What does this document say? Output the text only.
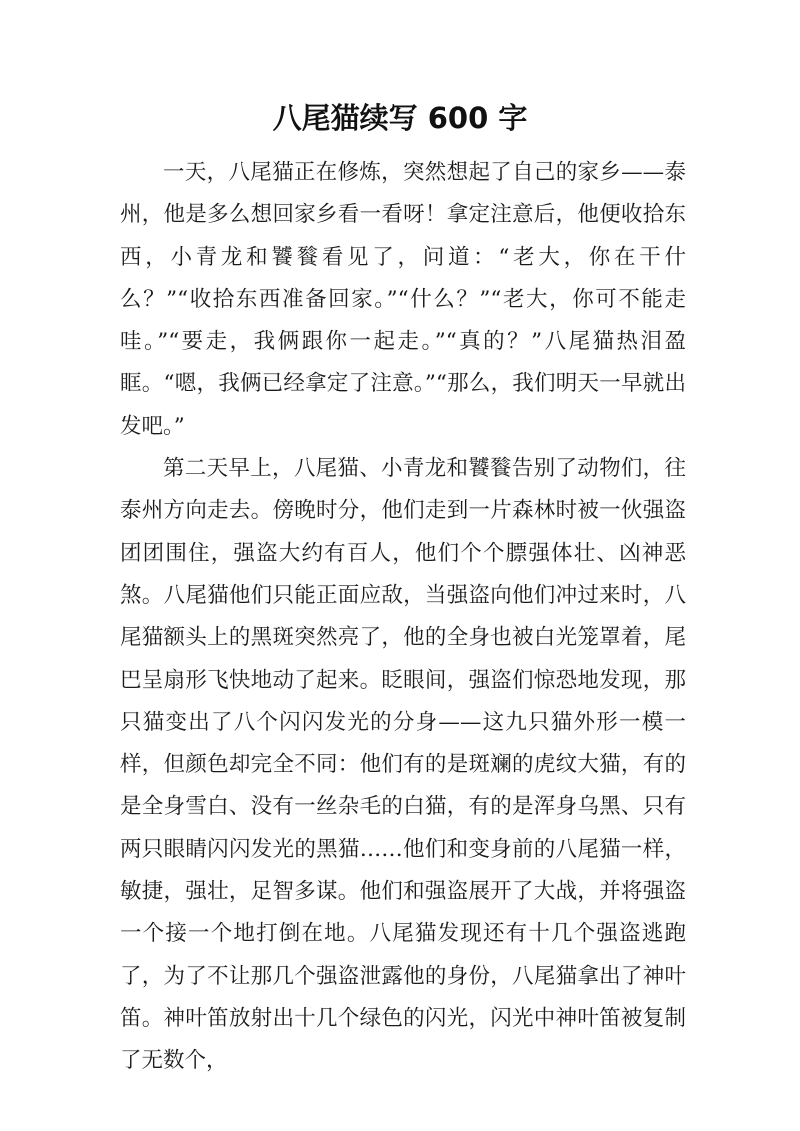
八尾猫续写 600 字

一天，八尾猫正在修炼，突然想起了自己的家乡——泰州，他是多么想回家乡看一看呀！拿定注意后，他便收拾东西，小青龙和饕餮看见了，问道：“老大，你在干什么？”“收拾东西准备回家。”“什么？”“老大，你可不能走哇。”“要走，我俩跟你一起走。”“真的？”八尾猫热泪盈眶。“嗯，我俩已经拿定了注意。”“那么，我们明天一早就出发吧。”

第二天早上，八尾猫、小青龙和饕餮告别了动物们，往泰州方向走去。傍晚时分，他们走到一片森林时被一伙强盗团团围住，强盗大约有百人，他们个个膘强体壮、凶神恶煞。八尾猫他们只能正面应敌，当强盗向他们冲过来时，八尾猫额头上的黑斑突然亮了，他的全身也被白光笼罩着，尾巴呈扇形飞快地动了起来。眨眼间，强盗们惊恐地发现，那只猫变出了八个闪闪发光的分身——这九只猫外形一模一样，但颜色却完全不同：他们有的是斑斓的虎纹大猫，有的是全身雪白、没有一丝杂毛的白猫，有的是浑身乌黑、只有两只眼睛闪闪发光的黑猫……他们和变身前的八尾猫一样，敏捷，强壮，足智多谋。他们和强盗展开了大战，并将强盗一个接一个地打倒在地。八尾猫发现还有十几个强盗逃跑了，为了不让那几个强盗泄露他的身份，八尾猫拿出了神叶笛。神叶笛放射出十几个绿色的闪光，闪光中神叶笛被复制了无数个，
